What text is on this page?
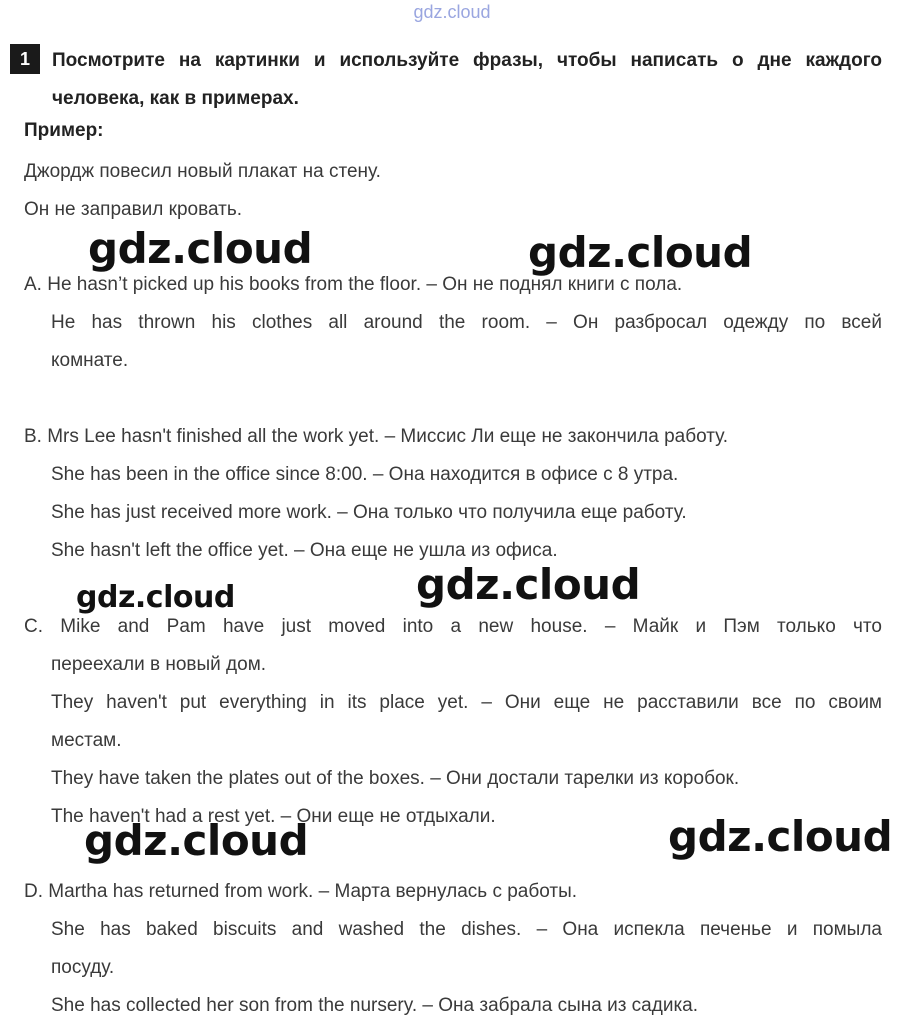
gdz.cloud
1	Посмотрите на картинки и используйте фразы, чтобы написать о дне каждого человека, как в примерах.
Пример:
Джордж повесил новый плакат на стену.
Он не заправил кровать.
gdz.cloud	gdz.cloud
A. He hasn’t picked up his books from the floor. – Он не поднял книги с пола.
He has thrown his clothes all around the room. – Он разбросал одежду по всей
комнате.
B. Mrs Lee hasn't finished all the work yet. – Миссис Ли еще не закончила работу.
She has been in the office since 8:00. – Она находится в офисе с 8 утра.
She has just received more work. – Она только что получила еще работу.
She hasn't left the office yet. – Она еще не ушла из офиса.
gdz.cloud	gdz.cloud
C. Mike and Pam have just moved into a new house. – Майк и Пэм только что
переехали в новый дом.
They haven't put everything in its place yet. – Они еще не расставили все по своим
местам.
They have taken the plates out of the boxes. – Они достали тарелки из коробок.
The haven't had a rest yet. – Они еще не отдыхали.
gdz.cloud	gdz.cloud
D. Martha has returned from work. – Марта вернулась с работы.
She has baked biscuits and washed the dishes. – Она испекла печенье и помыла
посуду.
She has collected her son from the nursery. – Она забрала сына из садика.
